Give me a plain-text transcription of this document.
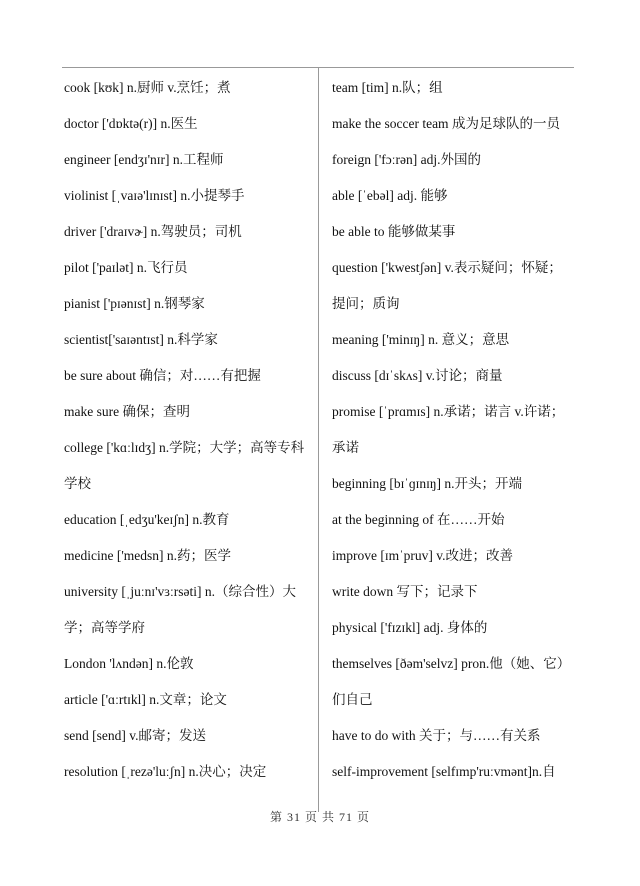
cook [kʊk] n.厨师 v.烹饪；煮
doctor ['dɒktə(r)] n.医生
engineer [endʒɪ'nɪr] n.工程师
violinist [ˌvaɪə'lɪnɪst] n.小提琴手
driver ['draɪvɚ] n.驾驶员；司机
pilot ['paɪlət] n.飞行员
pianist ['pɪənɪst] n.钢琴家
scientist['saɪəntɪst] n.科学家
be sure about 确信；对……有把握
make sure 确保；查明
college ['kɑːlɪdʒ] n.学院；大学；高等专科
学校
education [ˌedʒu'keɪʃn] n.教育
medicine ['medsn] n.药；医学
university [ˌjuːnɪ'vɜːrsəti] n.（综合性）大
学；高等学府
London 'lʌndən] n.伦敦
article ['ɑːrtɪkl] n.文章；论文
send [send] v.邮寄；发送
resolution [ˌrezə'luːʃn] n.决心；决定
team [tim] n.队；组
make the soccer team 成为足球队的一员
foreign ['fɔːrən] adj.外国的
able [ˈebəl] adj. 能够
be able to 能够做某事
question ['kwestʃən] v.表示疑问；怀疑；
提问；质询
meaning ['minɪŋ] n. 意义；意思
discuss [dɪˈskʌs] v.讨论；商量
promise [ˈprɑmɪs] n.承诺；诺言 v.许诺；
承诺
beginning [bɪˈɡɪnɪŋ] n.开头；开端
at the beginning of 在……开始
improve [ɪmˈpruv] v.改进；改善
write down 写下；记录下
physical ['fɪzɪkl] adj. 身体的
themselves [ðəm'selvz] pron.他（她、它）
们自己
have to do with 关于；与……有关系
self-improvement [selfɪmp'ruːvmənt]n.自
第 31 页 共 71 页
